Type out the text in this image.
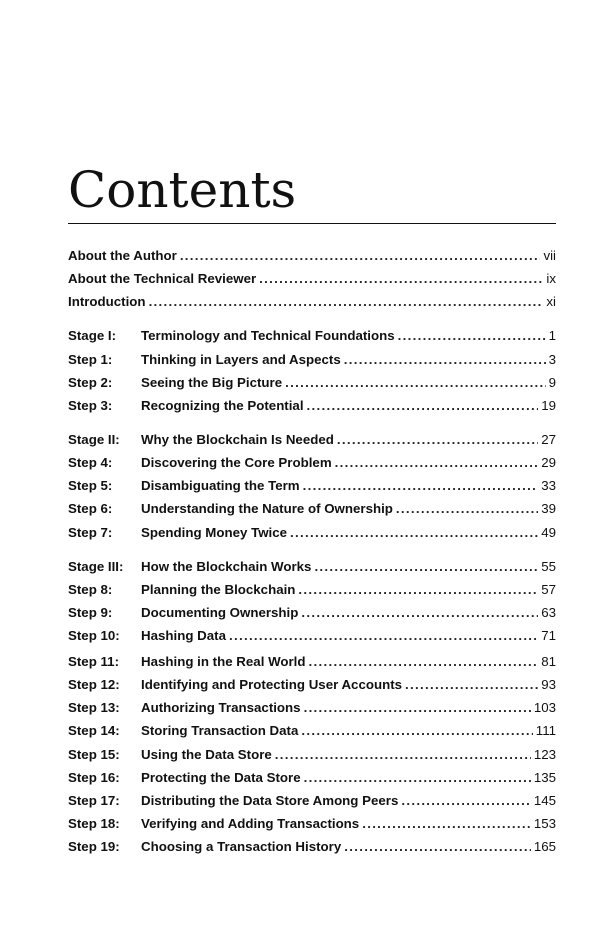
Contents
About the Author . . .	vii
About the Technical Reviewer . . .	ix
Introduction . . .	xi
Stage I:	Terminology and Technical Foundations . . .	1
Step 1:	Thinking in Layers and Aspects . . .	3
Step 2:	Seeing the Big Picture . . .	9
Step 3:	Recognizing the Potential . . .	19
Stage II:	Why the Blockchain Is Needed . . .	27
Step 4:	Discovering the Core Problem . . .	29
Step 5:	Disambiguating the Term . . .	33
Step 6:	Understanding the Nature of Ownership . . .	39
Step 7:	Spending Money Twice . . .	49
Stage III:	How the Blockchain Works . . .	55
Step 8:	Planning the Blockchain . . .	57
Step 9:	Documenting Ownership . . .	63
Step 10:	Hashing Data . . .	71
Step 11:	Hashing in the Real World . . .	81
Step 12:	Identifying and Protecting User Accounts . . .	93
Step 13:	Authorizing Transactions . . .	103
Step 14:	Storing Transaction Data . . .	111
Step 15:	Using the Data Store . . .	123
Step 16:	Protecting the Data Store . . .	135
Step 17:	Distributing the Data Store Among Peers . . .	145
Step 18:	Verifying and Adding Transactions . . .	153
Step 19:	Choosing a Transaction History . . .	165
